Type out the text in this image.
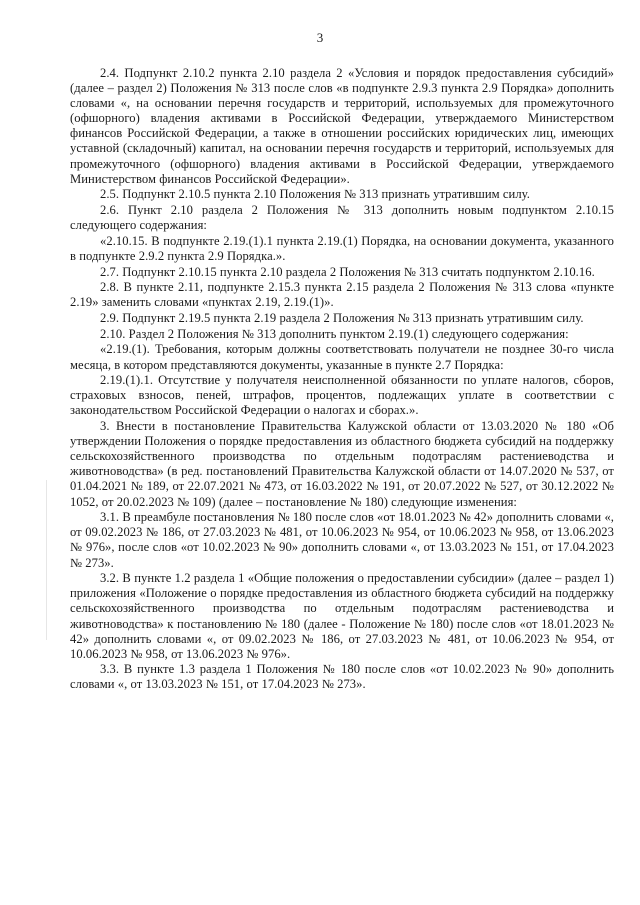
3

2.4. Подпункт 2.10.2 пункта 2.10 раздела 2 «Условия и порядок предоставления субсидий» (далее – раздел 2) Положения № 313 после слов «в подпункте 2.9.3 пункта 2.9 Порядка» дополнить словами «, на основании перечня государств и территорий, используемых для промежуточного (офшорного) владения активами в Российской Федерации, утверждаемого Министерством финансов Российской Федерации, а также в отношении российских юридических лиц, имеющих уставной (складочный) капитал, на основании перечня государств и территорий, используемых для промежуточного (офшорного) владения активами в Российской Федерации, утверждаемого Министерством финансов Российской Федерации».

2.5. Подпункт 2.10.5 пункта 2.10 Положения № 313 признать утратившим силу.

2.6. Пункт 2.10 раздела 2 Положения № 313 дополнить новым подпунктом 2.10.15 следующего содержания:

«2.10.15. В подпункте 2.19.(1).1 пункта 2.19.(1) Порядка, на основании документа, указанного в подпункте 2.9.2 пункта 2.9 Порядка.».

2.7. Подпункт 2.10.15 пункта 2.10 раздела 2 Положения № 313 считать подпунктом 2.10.16.

2.8. В пункте 2.11, подпункте 2.15.3 пункта 2.15 раздела 2 Положения № 313 слова «пункте 2.19» заменить словами «пунктах 2.19, 2.19.(1)».

2.9. Подпункт 2.19.5 пункта 2.19 раздела 2 Положения № 313 признать утратившим силу.

2.10. Раздел 2 Положения № 313 дополнить пунктом 2.19.(1) следующего содержания:

«2.19.(1). Требования, которым должны соответствовать получатели не позднее 30-го числа месяца, в котором представляются документы, указанные в пункте 2.7 Порядка:

2.19.(1).1. Отсутствие у получателя неисполненной обязанности по уплате налогов, сборов, страховых взносов, пеней, штрафов, процентов, подлежащих уплате в соответствии с законодательством Российской Федерации о налогах и сборах.».

3. Внести в постановление Правительства Калужской области от 13.03.2020 № 180 «Об утверждении Положения о порядке предоставления из областного бюджета субсидий на поддержку сельскохозяйственного производства по отдельным подотраслям растениеводства и животноводства» (в ред. постановлений Правительства Калужской области от 14.07.2020 № 537, от 01.04.2021 № 189, от 22.07.2021 № 473, от 16.03.2022 № 191, от 20.07.2022 № 527, от 30.12.2022 № 1052, от 20.02.2023 № 109) (далее – постановление № 180) следующие изменения:

3.1. В преамбуле постановления № 180 после слов «от 18.01.2023 № 42» дополнить словами «, от 09.02.2023 № 186, от 27.03.2023 № 481, от 10.06.2023 № 954, от 10.06.2023 № 958, от 13.06.2023 № 976», после слов «от 10.02.2023 № 90» дополнить словами «, от 13.03.2023 № 151, от 17.04.2023 № 273».

3.2. В пункте 1.2 раздела 1 «Общие положения о предоставлении субсидии» (далее – раздел 1) приложения «Положение о порядке предоставления из областного бюджета субсидий на поддержку сельскохозяйственного производства по отдельным подотраслям растениеводства и животноводства» к постановлению № 180 (далее - Положение № 180) после слов «от 18.01.2023 № 42» дополнить словами «, от 09.02.2023 № 186, от 27.03.2023 № 481, от 10.06.2023 № 954, от 10.06.2023 № 958, от 13.06.2023 № 976».

3.3. В пункте 1.3 раздела 1 Положения № 180 после слов «от 10.02.2023 № 90» дополнить словами «, от 13.03.2023 № 151, от 17.04.2023 № 273».
